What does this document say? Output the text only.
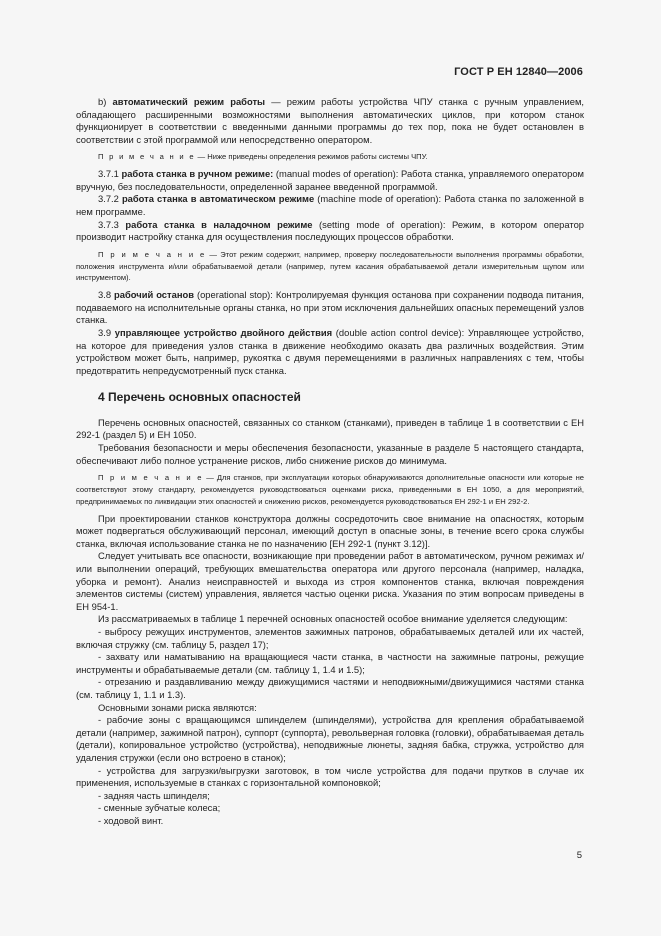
ГОСТ Р ЕН 12840—2006

b) автоматический режим работы — режим работы устройства ЧПУ станка с ручным управлением, обладающего расширенными возможностями выполнения автоматических циклов, при котором станок функционирует в соответствии с введенными данными программы до тех пор, пока не будет остановлен в соответствии с этой программой или непосредственно оператором.

П р и м е ч а н и е — Ниже приведены определения режимов работы системы ЧПУ.

3.7.1 работа станка в ручном режиме: (manual modes of operation): Работа станка, управляемого оператором вручную, без последовательности, определенной заранее введенной программой.

3.7.2 работа станка в автоматическом режиме (machine mode of operation): Работа станка по заложенной в нем программе.

3.7.3 работа станка в наладочном режиме (setting mode of operation): Режим, в котором оператор производит настройку станка для осуществления последующих процессов обработки.

П р и м е ч а н и е — Этот режим содержит, например, проверку последовательности выполнения программы обработки, положения инструмента и/или обрабатываемой детали (например, путем касания обрабатываемой детали измерительным щупом или инструментом).

3.8 рабочий останов (operational stop): Контролируемая функция останова при сохранении подвода питания, подаваемого на исполнительные органы станка, но при этом исключения дальнейших опасных перемещений узлов станка.

3.9 управляющее устройство двойного действия (double action control device): Управляющее устройство, на которое для приведения узлов станка в движение необходимо оказать два различных воздействия. Этим устройством может быть, например, рукоятка с двумя перемещениями в различных направлениях с тем, чтобы предотвратить непредусмотренный пуск станка.

4 Перечень основных опасностей

Перечень основных опасностей, связанных со станком (станками), приведен в таблице 1 в соответствии с ЕН 292-1 (раздел 5) и ЕН 1050.

Требования безопасности и меры обеспечения безопасности, указанные в разделе 5 настоящего стандарта, обеспечивают либо полное устранение рисков, либо снижение рисков до минимума.

П р и м е ч а н и е — Для станков, при эксплуатации которых обнаруживаются дополнительные опасности или которые не соответствуют этому стандарту, рекомендуется руководствоваться оценками риска, приведенными в ЕН 1050, а для мероприятий, предпринимаемых по ликвидации этих опасностей и снижению рисков, рекомендуется руководствоваться ЕН 292-1 и ЕН 292-2.

При проектировании станков конструктора должны сосредоточить свое внимание на опасностях, которым может подвергаться обслуживающий персонал, имеющий доступ в опасные зоны, в течение всего срока службы станка, включая использование станка не по назначению [ЕН 292-1 (пункт 3.12)].

Следует учитывать все опасности, возникающие при проведении работ в автоматическом, ручном режимах и/или выполнении операций, требующих вмешательства оператора или другого персонала (например, наладка, уборка и ремонт). Анализ неисправностей и выхода из строя компонентов станка, включая повреждения элементов системы (систем) управления, является частью оценки риска. Указания по этим вопросам приведены в ЕН 954-1.

Из рассматриваемых в таблице 1 перечней основных опасностей особое внимание уделяется следующим:

- выбросу режущих инструментов, элементов зажимных патронов, обрабатываемых деталей или их частей, включая стружку (см. таблицу 5, раздел 17);

- захвату или наматыванию на вращающиеся части станка, в частности на зажимные патроны, режущие инструменты и обрабатываемые детали (см. таблицу 1, 1.4 и 1.5);

- отрезанию и раздавливанию между движущимися частями и неподвижными/движущимися частями станка (см. таблицу 1, 1.1 и 1.3).

Основными зонами риска являются:

- рабочие зоны с вращающимся шпинделем (шпинделями), устройства для крепления обрабатываемой детали (например, зажимной патрон), суппорт (суппорта), револьверная головка (головки), обрабатываемая деталь (детали), копировальное устройство (устройства), неподвижные люнеты, задняя бабка, стружка, устройство для удаления стружки (если оно встроено в станок);

- устройства для загрузки/выгрузки заготовок, в том числе устройства для подачи прутков в случае их применения, используемые в станках с горизонтальной компоновкой;

- задняя часть шпинделя;

- сменные зубчатые колеса;

- ходовой винт.

5
